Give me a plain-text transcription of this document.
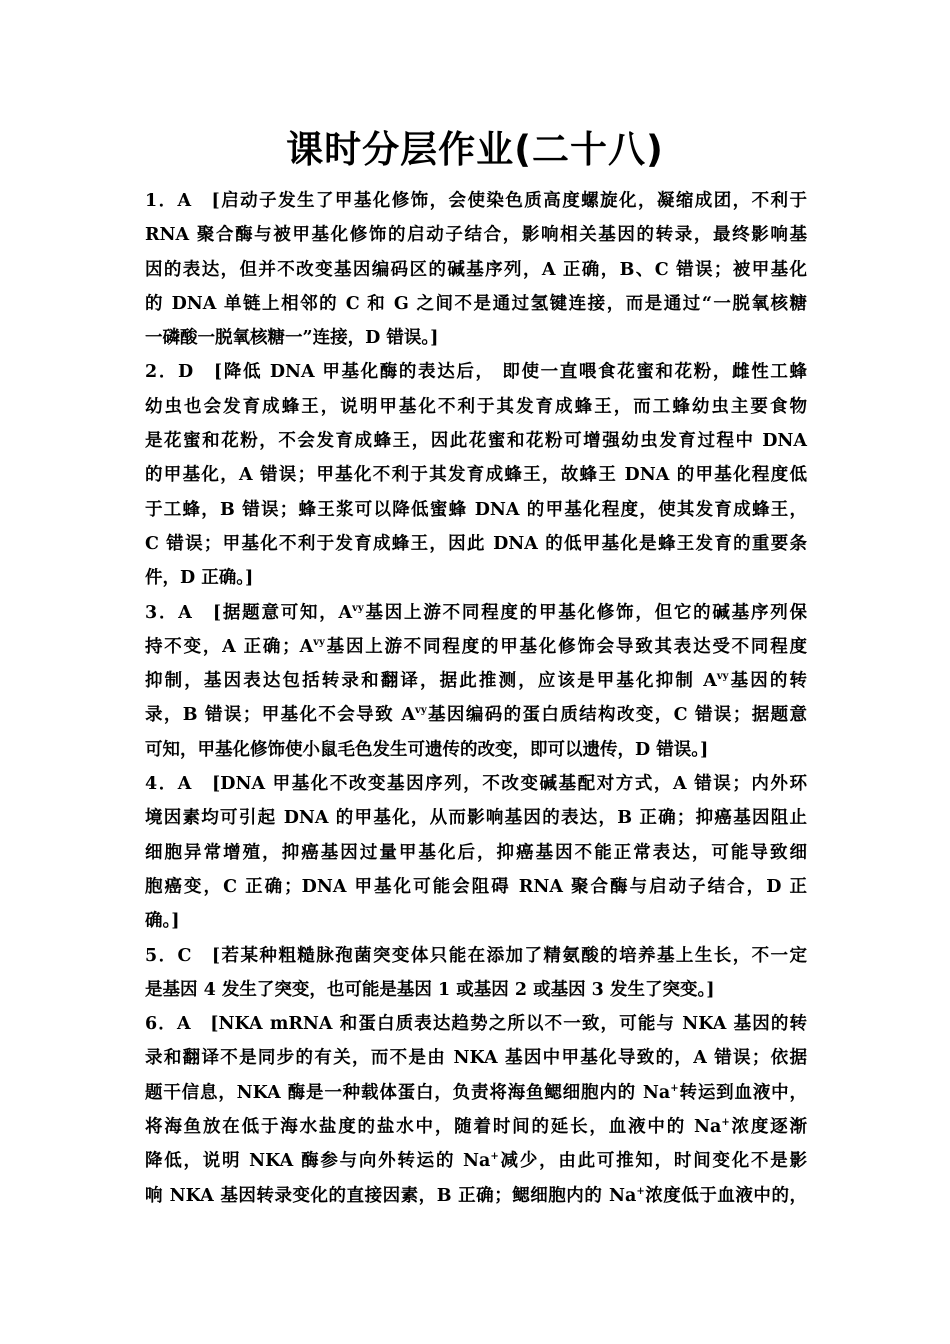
课时分层作业(二十八)
1．A　[启动子发生了甲基化修饰，会使染色质高度螺旋化，凝缩成团，不利于
RNA 聚合酶与被甲基化修饰的启动子结合，影响相关基因的转录，最终影响基
因的表达，但并不改变基因编码区的碱基序列，A 正确，B、C 错误；被甲基化
的 DNA 单链上相邻的 C 和 G 之间不是通过氢键连接，而是通过“一脱氧核糖
一磷酸一脱氧核糖一”连接，D 错误。]
2．D　[降低 DNA 甲基化酶的表达后， 即使一直喂食花蜜和花粉，雌性工蜂
幼虫也会发育成蜂王，说明甲基化不利于其发育成蜂王，而工蜂幼虫主要食物
是花蜜和花粉，不会发育成蜂王，因此花蜜和花粉可增强幼虫发育过程中 DNA
的甲基化，A 错误；甲基化不利于其发育成蜂王，故蜂王 DNA 的甲基化程度低
于工蜂，B 错误；蜂王浆可以降低蜜蜂 DNA 的甲基化程度，使其发育成蜂王，
C 错误；甲基化不利于发育成蜂王，因此 DNA 的低甲基化是蜂王发育的重要条
件，D 正确。]
3．A　[据题意可知，$A^{vy}$基因上游不同程度的甲基化修饰，但它的碱基序列保
持不变，A 正确；$A^{vy}$基因上游不同程度的甲基化修饰会导致其表达受不同程度
抑制，基因表达包括转录和翻译，据此推测，应该是甲基化抑制 $A^{vy}$基因的转
录，B 错误；甲基化不会导致 $A^{vy}$基因编码的蛋白质结构改变，C 错误；据题意
可知，甲基化修饰使小鼠毛色发生可遗传的改变，即可以遗传，D 错误。]
4．A　[DNA 甲基化不改变基因序列，不改变碱基配对方式，A 错误；内外环
境因素均可引起 DNA 的甲基化，从而影响基因的表达，B 正确；抑癌基因阻止
细胞异常增殖，抑癌基因过量甲基化后，抑癌基因不能正常表达，可能导致细
胞癌变，C 正确；DNA 甲基化可能会阻碍 RNA 聚合酶与启动子结合，D 正
确。]
5．C　[若某种粗糙脉孢菌突变体只能在添加了精氨酸的培养基上生长，不一定
是基因 4 发生了突变，也可能是基因 1 或基因 2 或基因 3 发生了突变。]
6．A　[NKA mRNA 和蛋白质表达趋势之所以不一致，可能与 NKA 基因的转
录和翻译不是同步的有关，而不是由 NKA 基因中甲基化导致的，A 错误；依据
题干信息，NKA 酶是一种载体蛋白，负责将海鱼鳃细胞内的 Na+转运到血液中，
将海鱼放在低于海水盐度的盐水中，随着时间的延长，血液中的 Na+浓度逐渐
降低，说明 NKA 酶参与向外转运的 Na+减少，由此可推知，时间变化不是影
响 NKA 基因转录变化的直接因素，B 正确；鳃细胞内的 Na+浓度低于血液中的，
